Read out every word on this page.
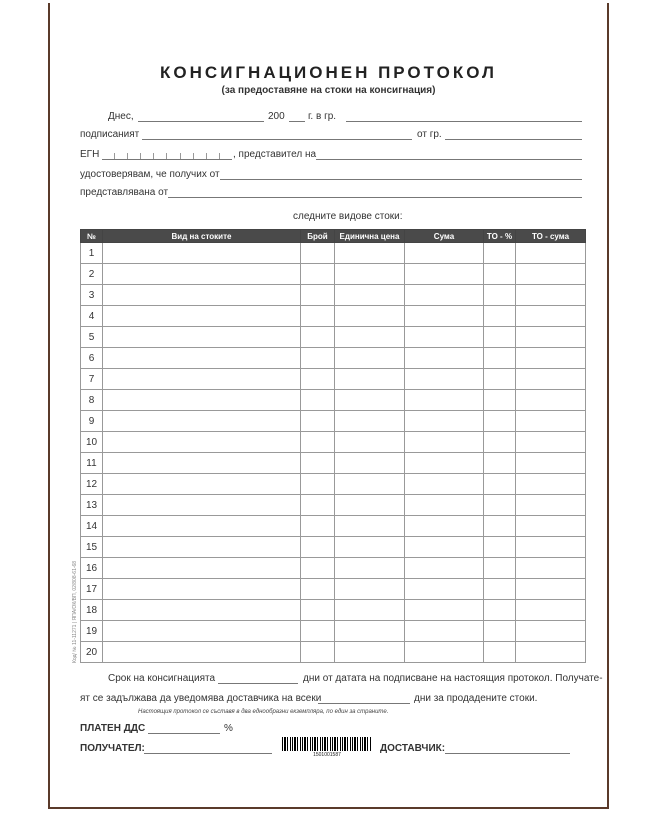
КОНСИГНАЦИОНЕН ПРОТОКОЛ
(за предоставяне на стоки на консигнация)
Днес,	200 г. в гр.
подписаният	от гр.
ЕГН	, представител на
удостоверявам, че получих от
представлявана от
следните видове стоки:
№	Вид на стоките	Брой	Единична цена	Сума	ТО - %	ТО - сума
1						
2						
3						
4						
5						
6						
7						
8						
9						
10						
11						
12						
13						
14						
15						
16						
17						
18						
19						
20						
Код/ № 11-11271 | ЯПА/ОК/ВП, 02/808-61-68
Срок на консигнацията	дни от датата на подписване на настоящия протокол. Получате-
ят се задължава да уведомява доставчика на всеки	дни за продадените стоки.
Настоящия протокол се съставя в два еднообразни екземпляра, по един за страните.
ПЛАТЕН ДДС	%
ПОЛУЧАТЕЛ:
1501001587
ДОСТАВЧИК:
